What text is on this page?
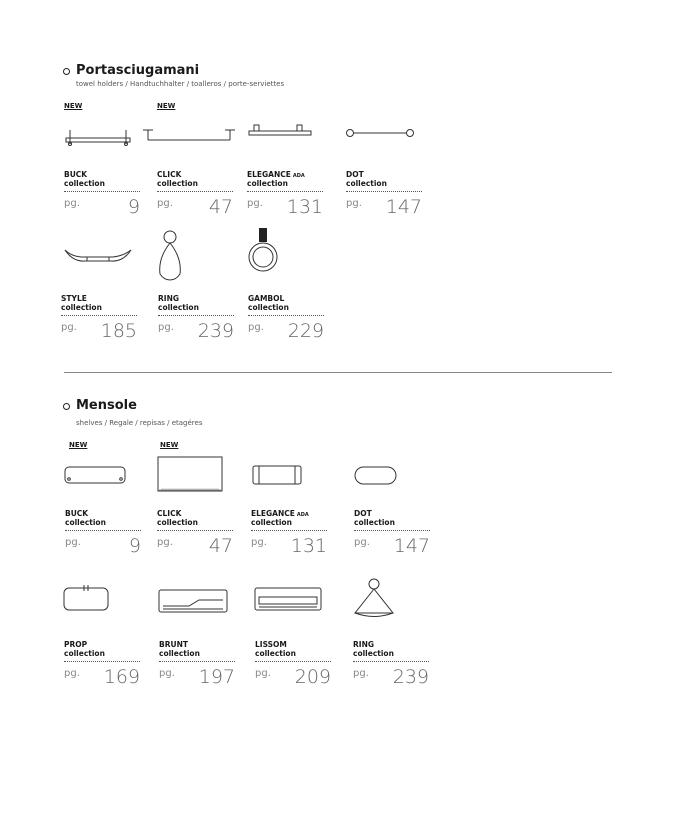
Portasciugamani
towel holders / Handtuchhalter / toalleros / porte-serviettes
NEW
BUCK
collection
pg.	9
NEW
CLICK
collection
pg. 47
ELEGANCE ADA
collection
pg. 131
DOT
collection
pg. 147
STYLE
collection
pg. 185
RING
collection
pg. 239
GAMBOL
collection
pg. 229
Mensole
shelves / Regale / repisas / etagéres
NEW
BUCK
collection
pg.	9
NEW
CLICK
collection
pg. 47
ELEGANCE ADA
collection
pg. 131
DOT
collection
pg. 147
PROP
collection
pg. 169
BRUNT
collection
pg. 197
LISSOM
collection
pg. 209
RING
collection
pg. 239
